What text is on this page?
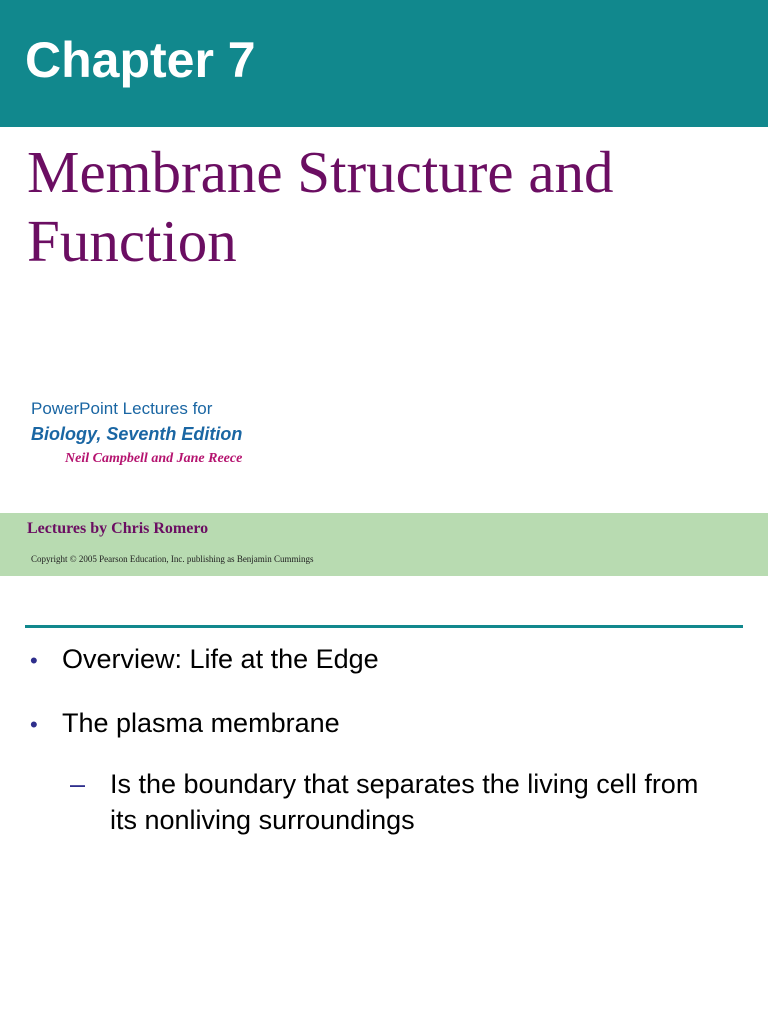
Chapter 7
Membrane Structure and
Function
PowerPoint Lectures for
Biology, Seventh Edition
Neil Campbell and Jane Reece
Lectures by Chris Romero
Copyright © 2005 Pearson Education, Inc. publishing as Benjamin Cummings
• Overview: Life at the Edge
• The plasma membrane
– Is the boundary that separates the living cell from its nonliving surroundings
